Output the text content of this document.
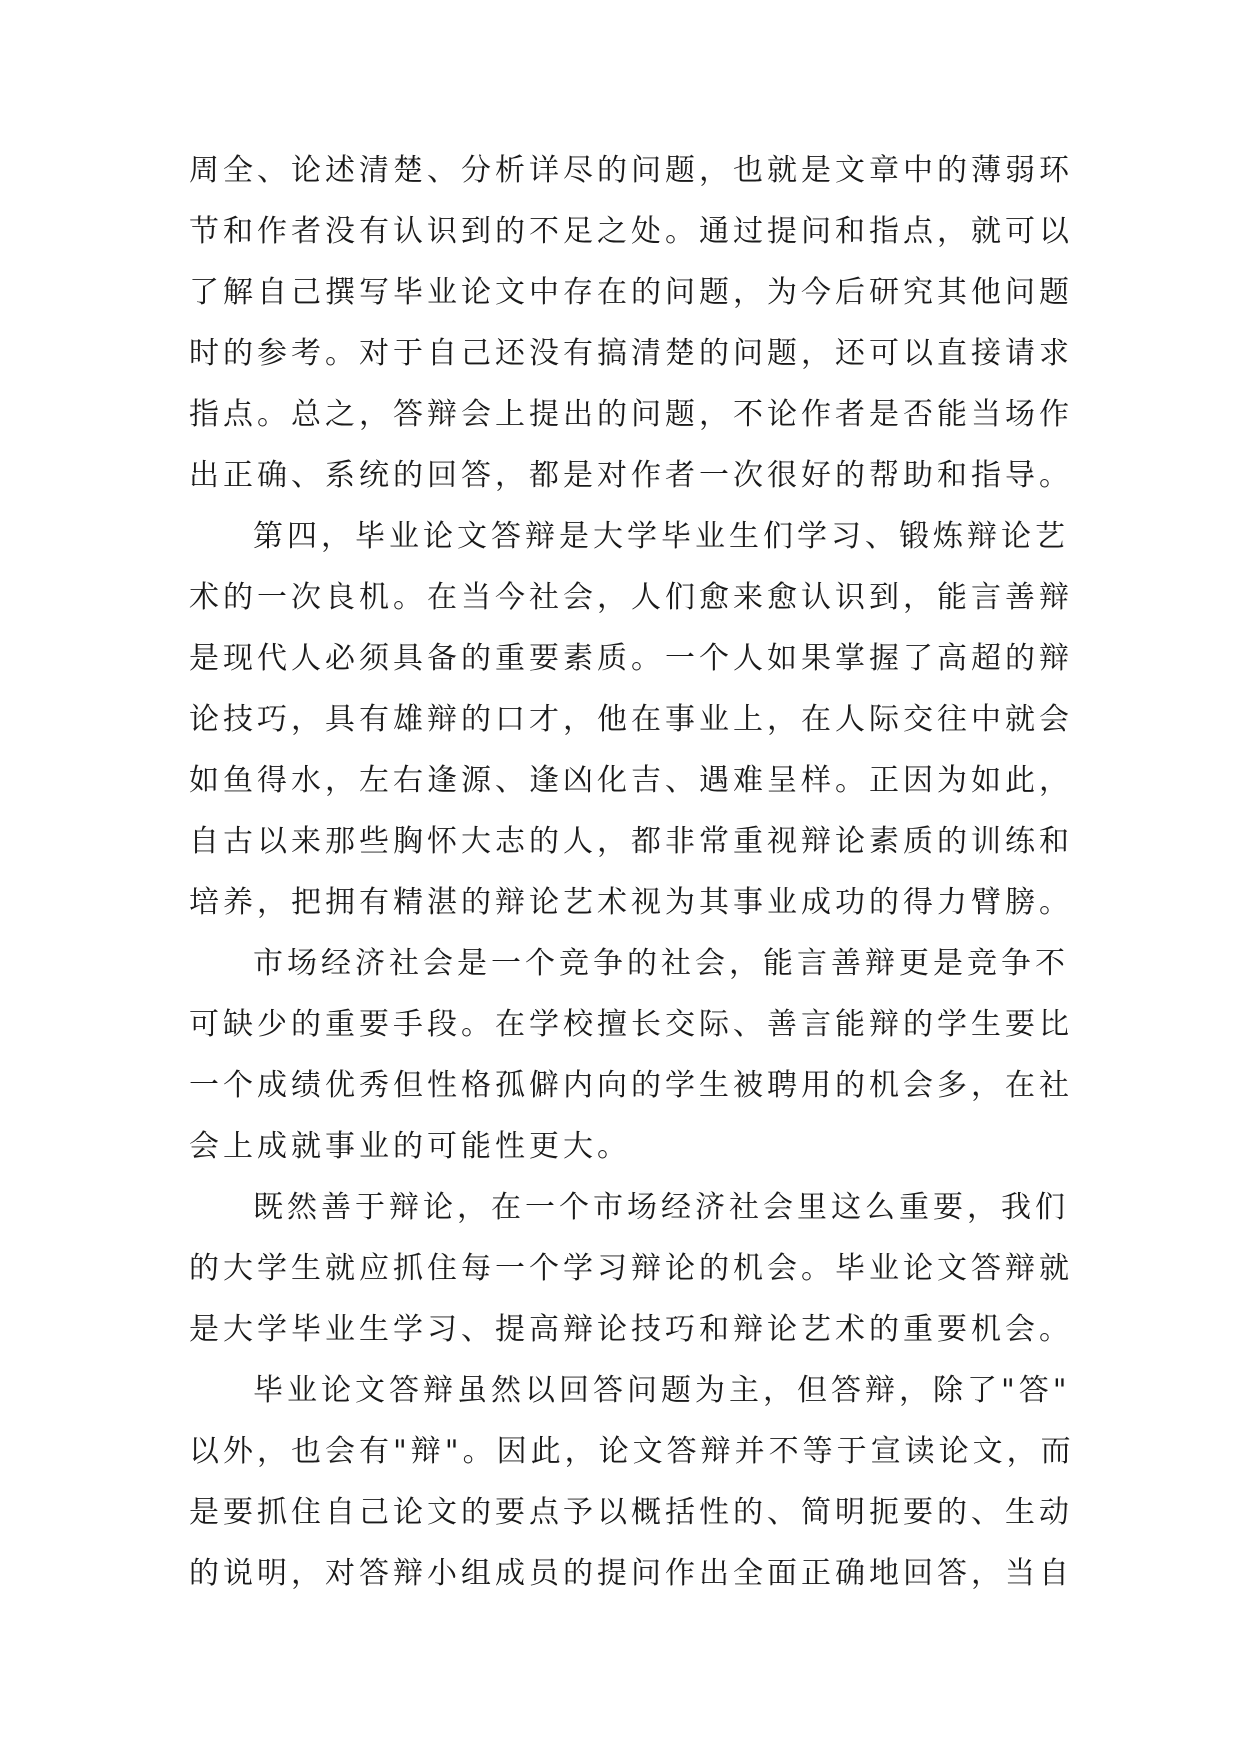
周全、论述清楚、分析详尽的问题，也就是文章中的薄弱环
节和作者没有认识到的不足之处。通过提问和指点，就可以
了解自己撰写毕业论文中存在的问题，为今后研究其他问题
时的参考。对于自己还没有搞清楚的问题，还可以直接请求
指点。总之，答辩会上提出的问题，不论作者是否能当场作
出正确、系统的回答，都是对作者一次很好的帮助和指导。
第四，毕业论文答辩是大学毕业生们学习、锻炼辩论艺
术的一次良机。在当今社会，人们愈来愈认识到，能言善辩
是现代人必须具备的重要素质。一个人如果掌握了高超的辩
论技巧，具有雄辩的口才，他在事业上，在人际交往中就会
如鱼得水，左右逢源、逢凶化吉、遇难呈样。正因为如此，
自古以来那些胸怀大志的人，都非常重视辩论素质的训练和
培养，把拥有精湛的辩论艺术视为其事业成功的得力臂膀。
市场经济社会是一个竞争的社会，能言善辩更是竞争不
可缺少的重要手段。在学校擅长交际、善言能辩的学生要比
一个成绩优秀但性格孤僻内向的学生被聘用的机会多，在社
会上成就事业的可能性更大。
既然善于辩论，在一个市场经济社会里这么重要，我们
的大学生就应抓住每一个学习辩论的机会。毕业论文答辩就
是大学毕业生学习、提高辩论技巧和辩论艺术的重要机会。
毕业论文答辩虽然以回答问题为主，但答辩，除了"答"
以外，也会有"辩"。因此，论文答辩并不等于宣读论文，而
是要抓住自己论文的要点予以概括性的、简明扼要的、生动
的说明，对答辩小组成员的提问作出全面正确地回答，当自
